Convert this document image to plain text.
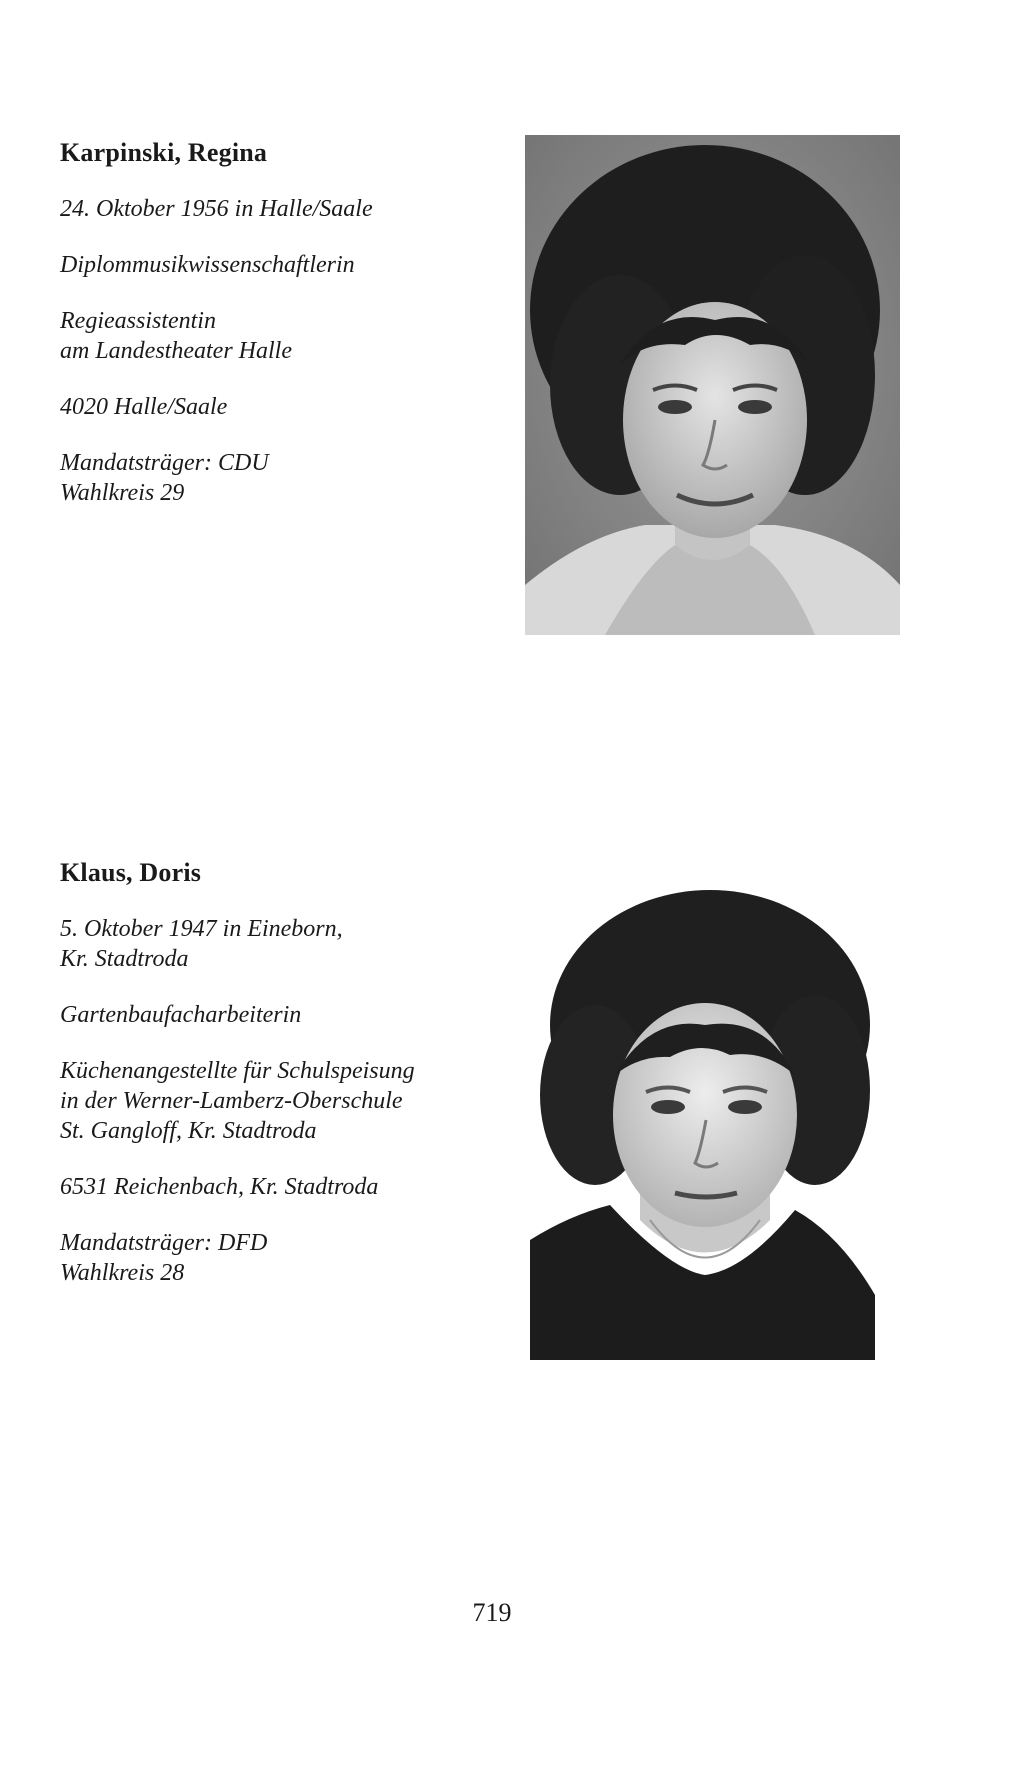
Karpinski, Regina

24. Oktober 1956 in Halle/Saale

Diplommusikwissenschaftlerin

Regieassistentin

am Landestheater Halle

4020 Halle/Saale

Mandatsträger: CDU

Wahlkreis 29

Klaus, Doris

5. Oktober 1947 in Eineborn,

Kr. Stadtroda

Gartenbaufacharbeiterin

Küchenangestellte für Schulspeisung

in der Werner-Lamberz-Oberschule

St. Gangloff, Kr. Stadtroda

6531 Reichenbach, Kr. Stadtroda

Mandatsträger: DFD

Wahlkreis 28

719
